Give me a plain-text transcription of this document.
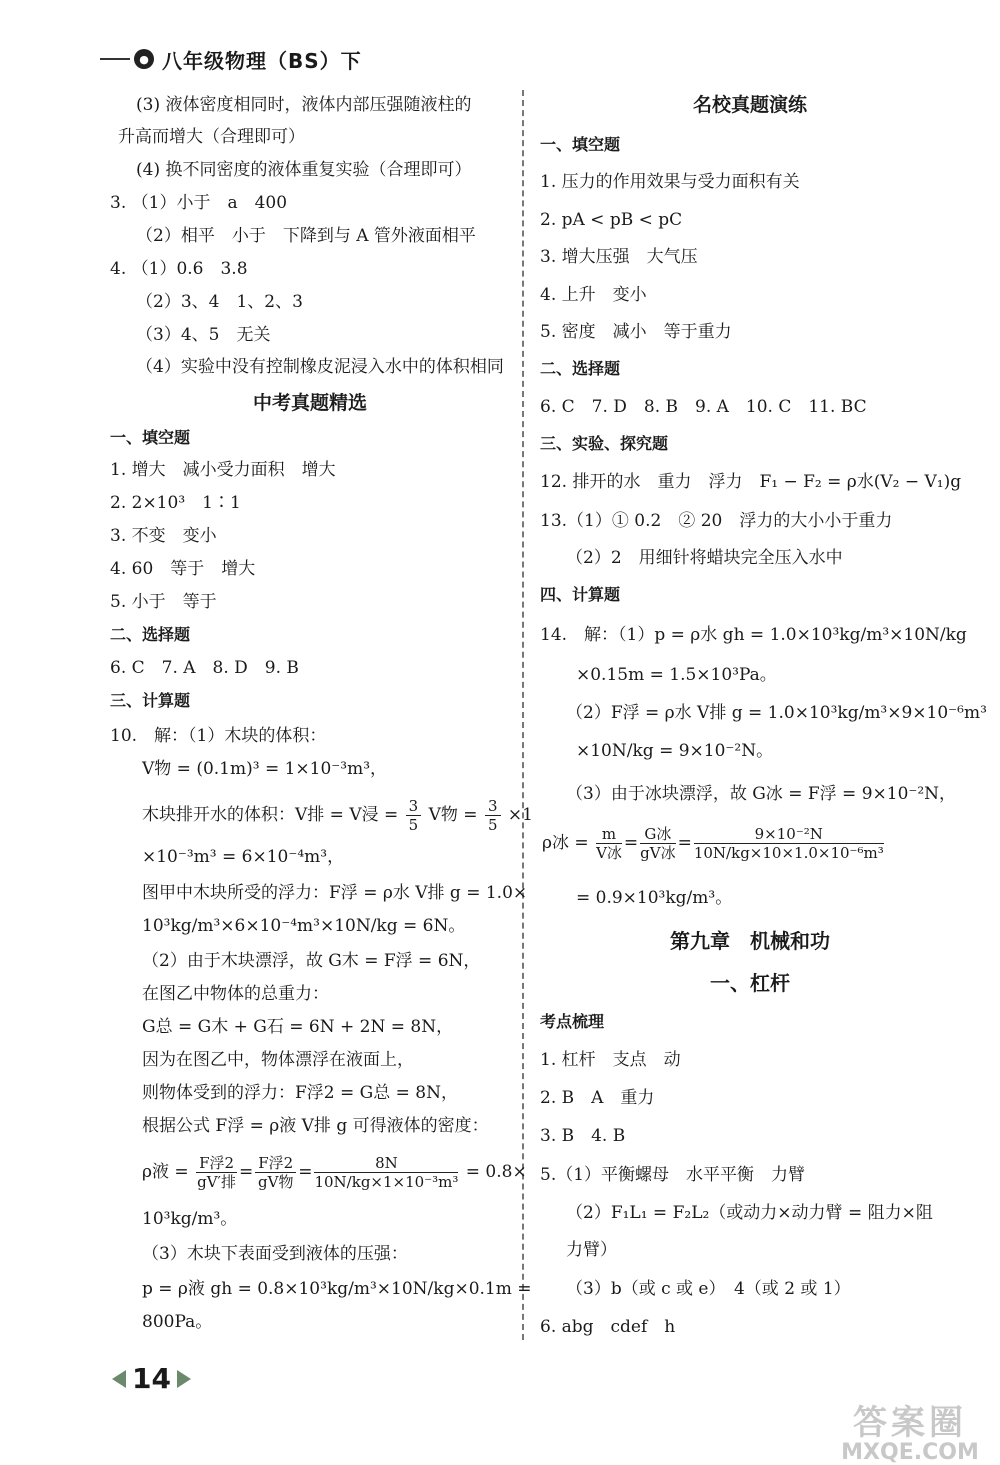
● 八年级物理（BS）下
(3) 液体密度相同时，液体内部压强随液柱的
升高而增大（合理即可）
(4) 换不同密度的液体重复实验（合理即可）
3. （1）小于　a　400
（2）相平　小于　下降到与 A 管外液面相平
4. （1）0.6　3.8
（2）3、4　1、2、3
（3）4、5　无关
（4）实验中没有控制橡皮泥浸入水中的体积相同
中考真题精选
一、填空题
1. 增大　减小受力面积　增大
2. 2×10³　1∶1
3. 不变　变小
4. 60　等于　增大
5. 小于　等于
二、选择题
6. C　7. A　8. D　9. B
三、计算题
10.　解：（1）木块的体积：
V物 = (0.1m)³ = 1×10⁻³m³，
木块排开水的体积：V排 = V浸 = $\frac{3}{5}$ V物 = $\frac{3}{5} \times 1$
×10⁻³m³ = 6×10⁻⁴m³，
图甲中木块所受的浮力：F浮 = ρ水 V排 g = 1.0×
10³kg/m³×6×10⁻⁴m³×10N/kg = 6N。
（2）由于木块漂浮，故 G木 = F浮 = 6N，
在图乙中物体的总重力：
G总 = G木 + G石 = 6N + 2N = 8N，
因为在图乙中，物体漂浮在液面上，
则物体受到的浮力：F浮2 = G总 = 8N，
根据公式 F浮 = ρ液 V排 g 可得液体的密度：
ρ液 = $\frac{\text{F浮2}}{\text{gV′排}} = \frac{\text{F浮2}}{\text{gV物}} = \frac{8N}{\text{10N/kg×1×10⁻³m³}} = 0.8\times$
10³kg/m³。
（3）木块下表面受到液体的压强：
p = ρ液 gh = 0.8×10³kg/m³×10N/kg×0.1m =
800Pa。
名校真题演练
一、填空题
1. 压力的作用效果与受力面积有关
2. pA < pB < pC
3. 增大压强　大气压
4. 上升　变小
5. 密度　减小　等于重力
二、选择题
6. C　7. D　8. B　9. A　10. C　11. BC
三、实验、探究题
12. 排开的水　重力　浮力　F₁ − F₂ = ρ水(V₂ − V₁)g
13.（1）① 0.2　② 20　浮力的大小小于重力
（2）2　用细针将蜡块完全压入水中
四、计算题
14.　解：（1）p = ρ水 gh = 1.0×10³kg/m³×10N/kg
×0.15m = 1.5×10³Pa。
（2）F浮 = ρ水 V排 g = 1.0×10³kg/m³×9×10⁻⁶m³
×10N/kg = 9×10⁻²N。
（3）由于冰块漂浮，故 G冰 = F浮 = 9×10⁻²N，
ρ冰 = $\frac{m}{\text{V冰}} = \frac{\text{G冰}}{\text{gV冰}} = \frac{\text{9×10⁻²N}}{\text{10N/kg×10×1.0×10⁻⁶m³}}$
= 0.9×10³kg/m³。
第九章　机械和功
一、杠杆
考点梳理
1. 杠杆　支点　动
2. B　A　重力
3. B　4. B
5.（1）平衡螺母　水平平衡　力臂
（2）F₁L₁ = F₂L₂（或动力×动力臂 = 阻力×阻
力臂）
（3）b（或 c 或 e）　4（或 2 或 1）
6. abg　cdef　h
14
答案圈
MXQE.COM
